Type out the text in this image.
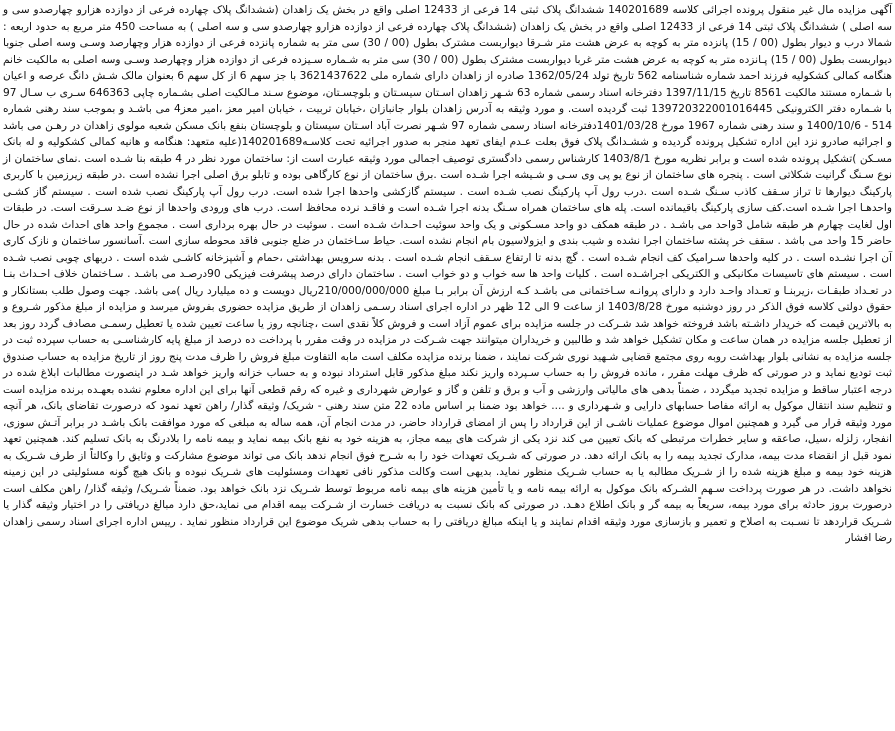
آگهی مزایده مال غیر منقول پرونده اجرائی کلاسه 140201689 ششدانگ پلاک ثبتی 14 فرعی از 12433 اصلی واقع در بخش یک زاهدان (ششدانگ پلاک چهارده فرعی از دوازده هزارو چهارصدو سی و سه اصلی ) ششدانگ پلاک ثبتی 14 فرعی از 12433 اصلی واقع در بخش یک زاهدان (ششدانگ پلاک چهارده فرعی از دوازده هزارو چهارصدو سی و سه اصلی ) به مساحت 450 متر مربع به حدود اربعه : شمالا درب و دیوار بطول (00 / 15) پانزده متر به کوچه به عرض هشت متر شـرقا دیواربست مشترک بطول (00 / 30) سی متر به شماره پانزده فرعی از دوازده هزار وچهارصد وسـی وسه اصلی جنوبا دیواربست بطول (00 / 15) پـانزده متر به کوچه به عرض هشت متر غربا دیواربست مشترک بطول (00 / 30) سی متر به شـماره سـیزده فرعی از دوازده هزار وچهارصد وسـی وسه اصلی به مالکیت خانم هنگامه کمالی کشکولیه فرزند احمد شماره شناسنامه 562 تاریخ تولد 1362/05/24 صادره از زاهدان دارای شماره ملی 3621437622 با جز سهم 6 از کل سهم 6 بعنوان مالک شـش دانگ عرصه و اعیان با شـماره مستند مالکیت 8561 تاریخ 1397/11/15 دفترخانه اسناد رسمی شماره 63 شـهر زاهدان اسـتان سیسـتان و بلوچسـتان، موضوع سـند مـالکیت اصلی بشـماره چاپی 646363 سـری ب سـال 97 با شـماره دفتر الکترونیکی 139720322001016445 ثبت گردیده است. و مورد وثیقه به آدرس زاهدان بلوار جانبازان ،خیابان تربیت ، خیابان امیر معز ،امیر معز4 می باشـد و بموجب سند رهنی شماره 514 - 1400/10/6 و سند رهنی شماره 1967 مورخ 1401/03/28دفترخانه اسناد رسمی شماره 97 شـهر نصرت آباد اسـتان سیستان و بلوچستان بنفع بانک مسکن شعبه مولوی زاهدان در رهـن می باشد و اجرائیه صادرو نزد این اداره تشکیل پرونده گردیده و ششـدانگ پلاک فوق بعلت عـدم ایفای تعهد منجر به صدور اجرائیه تحت کلاسـه140201689(علیه متعهد: هنگامه و هانیه کمالی کشکولیه و له بانک مسـکن )تشکیل پرونده شده است و برابر نظریه مورخ 1403/8/1 کارشناس رسمی دادگستری توصیف اجمالی مورد وثیقه عبارت است از: ساختمان مورد نظر در 4 طبقه بنا شـده است .نمای ساختمان از نوع سـنگ گرانیت شکلاتی است . پنجره های ساختمان از نوع یو پی وی سـی و شـیشه اجرا شـده است .برق ساختمان از نوع کارگاهی بوده و تابلو برق اصلی اجرا نشده است .در طبقه زیرزمین با کاربری پارکینگ دیوارها تا تراز سـقف کاذب سـنگ شـده است .درب رول آپ پارکینگ نصب شـده است . سیستم گازکشی واحدها اجرا شده است. درب رول آپ پارکینگ نصب شده است . سیستم گاز کشـی واحدهـا اجرا شـده است.کف سازی پارکینگ باقیمانده است. پله های ساختمان همراه سـنگ بدنه اجرا شـده است و فاقـد نرده محافظ است. درب های ورودی واحدها از نوع ضـد سـرقت است. در طبقات اول لغایت چهارم هر طبقه شامل 3واحد می باشـد . در طبقه همکف دو واحد مسـکونی و یک واحد سوئیت احـداث شـده است . سوئیت در حال بهره برداری است . مجموع واحد های احداث شده در حال حاضر 15 واحد می باشد . سقف خر پشته ساختمان اجرا نشده و شیب بندی و ایزولاسیون بام انجام نشده است. حیاط سـاختمان در ضلع جنوبی فاقد محوطه سازی است .آسانسور ساختمان و نازک کاری آن اجرا نشـده است . در کلیه واحدها سـرامیک کف انجام شـده است . گچ بدنه تا ارتفاع سـقف انجام شـده است . بدنه سرویس بهداشتی ،حمام و آشپزخانه کاشـی شده است . دربهای چوبی نصب شـده است . سیستم های تاسیسات مکانیکی و الکتریکی اجراشـده است . کلیات واحد ها سه خواب و دو خواب است . ساختمان دارای درصد پیشرفت فیزیکی 90درصـد می باشـد . سـاختمان خلاف احـداث بنـا در تعـداد طبقـات ،زیربنـا و تعـداد واحـد دارد و دارای پروانـه سـاختمانی می باشـد کـه ارزش آن برابر بـا مبلغ 210/000/000/000ریال دویست و ده میلیارد ریال )می باشد. جهت وصول طلب بستانکار و حقوق دولتی کلاسه فوق الذکر در روز دوشنبه مورخ 1403/8/28 از ساعت 9 الی 12 ظهر در اداره اجرای اسناد رسـمی زاهدان از طریق مزایده حضوری بفروش میرسد و مزایده از مبلغ مذکور شـروع و به بالاترین قیمت که خریدار داشـته باشد فروخته خواهد شد شـرکت در جلسه مزایده برای عموم آزاد است و فروش کلاً نقدی است ،چنانچه روز یا ساعت تعیین شده یا تعطیل رسمـی مصادف گردد روز بعد از تعطیل جلسه مزایده در همان ساعت و مکان تشکیل خواهد شد و طالبین و خریداران میتوانند جهت شـرکت در مزایده در وقت مقرر با پرداخت ده درصد از مبلغ پایه کارشناسـی به حساب سپرده ثبت در جلسه مزایده به نشانی بلوار بهداشت روبه روی مجتمع قضایی شـهید نوری شرکت نمایند ، ضمنا برنده مزایده مکلف است مابه التفاوت مبلغ فروش را ظرف مدت پنج روز از تاریخ مزایده به حساب صندوق ثبت تودیع نماید و در صورتی که ظرف مهلت مقرر ، مانده فروش را به حساب سـپرده واریز نکند مبلغ مذکور قابل استرداد نبوده و به حساب خزانه واریز خواهد شـد در اینصورت مطالبات ابلاغ شده در درجه اعتبار ساقط و مزایده تجدید میگردد ، ضمناً بدهی های مالیاتی وارزشی و آب و برق و تلفن و گاز و عوارض شهرداری و غیره که رقم قطعی آنها برای این اداره معلوم نشده بعهـده برنده مزایده است و تنظیم سند انتقال موکول به ارائه مفاصا حسابهای دارایی و شـهرداری و .... خواهد بود ضمنا بر اساس ماده 22 متن سند رهنی - شریک/ وثیقه گذار/ راهن تعهد نمود که درصورت تقاضای بانک، هر آنچه مورد وثیقه قرار می گیرد و همچنین اموال موضوع عملیات ناشـی از این قرارداد را پس از امضای قرارداد حاضر، در مدت انجام آن، همه ساله به مبلغی که مورد موافقت بانک باشـد در برابر آتـش سوزی، انفجار، زلزله ،سیل، صاعقه و سایر خطرات مرتبطی که بانک تعیین می کند نزد یکی از شرکت های بیمه مجاز، به هزینه خود به نفع بانک بیمه نماید و بیمه نامه را بلادرنگ به بانک تسلیم کند. همچنین تعهد نمود قبل از انقضاء مدت بیمه، مدارک تجدید بیمه را به بانک ارائه دهد. در صورتی که شـریک تعهدات خود را به شـرح فوق انجام ندهد بانک می تواند موضوع مشارکت و وثایق را وکالتاً از طرف شـریک به هزینه خود بیمه و مبلغ هزینه شده را از شـریک مطالبه یا به حساب شـریک منظور نماید. بدیهی است وکالت مذکور نافی تعهدات ومسئولیت های شـریک نبوده و بانک هیچ گونه مسئولیتی در این زمینه نخواهد داشت. در هر صورت پرداخت سـهم الشـرکه بانک موکول به ارائه بیمه نامه و یا تأمین هزینه های بیمه نامه مربوط توسط شـریک نزد بانک خواهد بود. ضمناً شـریک/ وثیقه گذار/ راهن مکلف است درصورت بروز حادثه برای مورد بیمه، سریعاً به بیمه گر و بانک اطلاع دهـد. در صورتی که بانک نسبت به دریافت خسارت از شـرکت بیمه اقدام می نماید،حق دارد مبالغ دریافتی را در اختیار وثیقه گذار یا شـریک قراردهد تا نسـبت به اصلاح و تعمیر و بازسازی مورد وثیقه اقدام نمایند و یا اینکه مبالغ دریافتی را به حساب بدهی شریک موضوع این قرارداد منظور نماید . رییس اداره اجرای اسناد رسمی زاهدان رضا افشار
